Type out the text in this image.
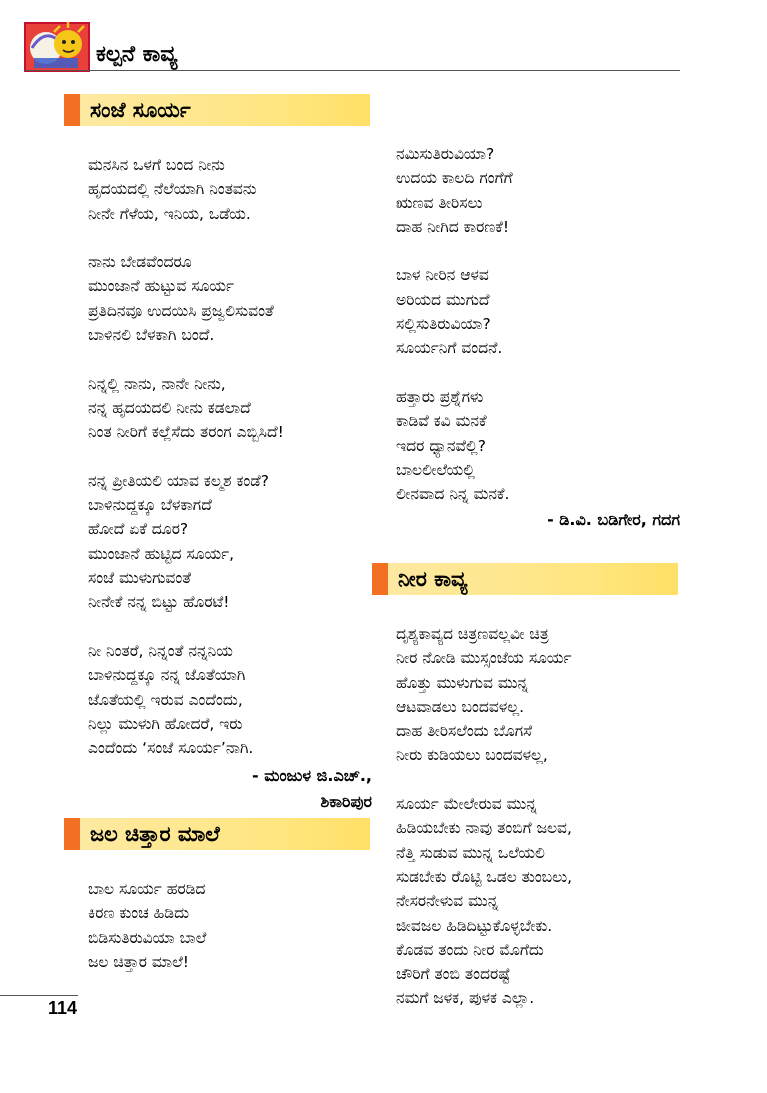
ಕಲ್ಪನೆ ಕಾವ್ಯ
ಸಂಜೆ ಸೂರ್ಯ
ಮನಸಿನ ಒಳಗೆ ಬಂದ ನೀನು
ಹೃದಯದಲ್ಲಿ ನೆಲೆಯಾಗಿ ನಿಂತವನು
ನೀನೇ ಗೆಳೆಯ, ಇನಿಯ, ಒಡೆಯ.
ನಾನು ಬೇಡವೆಂದರೂ
ಮುಂಜಾನೆ ಹುಟ್ಟುವ ಸೂರ್ಯ
ಪ್ರತಿದಿನವೂ ಉದಯಿಸಿ ಪ್ರಜ್ವಲಿಸುವಂತೆ
ಬಾಳಿನಲಿ ಬೆಳಕಾಗಿ ಬಂದೆ.
ನಿನ್ನಲ್ಲಿ ನಾನು, ನಾನೇ ನೀನು,
ನನ್ನ ಹೃದಯದಲಿ ನೀನು ಕಡಲಾದೆ
ನಿಂತ ನೀರಿಗೆ ಕಲ್ಲೆಸೆದು ತರಂಗ ಎಬ್ಬಿಸಿದೆ!
ನನ್ನ ಪ್ರೀತಿಯಲಿ ಯಾವ ಕಲ್ಮಶ ಕಂಡೆ?
ಬಾಳಿನುದ್ದಕ್ಕೂ ಬೆಳಕಾಗದೆ
ಹೋದೆ ಏಕೆ ದೂರ?
ಮುಂಜಾನೆ ಹುಟ್ಟಿದ ಸೂರ್ಯ,
ಸಂಜೆ ಮುಳುಗುವಂತೆ
ನೀನೇಕೆ ನನ್ನ ಬಿಟ್ಟು ಹೊರಟೆ!
ನೀ ನಿಂತರೆ, ನಿನ್ನಂತೆ ನನ್ನನಿಯ
ಬಾಳಿನುದ್ದಕ್ಕೂ ನನ್ನ ಜೊತೆಯಾಗಿ
ಜೊತೆಯಲ್ಲಿ ಇರುವ ಎಂದೆಂದು,
ನಿಲ್ಲು ಮುಳುಗಿ ಹೋದರೆ, ಇರು
ಎಂದೆಂದು ‘ಸಂಜೆ ಸೂರ್ಯ’ನಾಗಿ.
- ಮಂಜುಳ ಜಿ.ಎಚ್.,
ಶಿಕಾರಿಪುರ
ಜಲ ಚಿತ್ತಾರ ಮಾಲೆ
ಬಾಲ ಸೂರ್ಯ ಹರಡಿದ
ಕಿರಣ ಕುಂಚ ಹಿಡಿದು
ಬಿಡಿಸುತಿರುವಿಯಾ ಬಾಲೆ
ಜಲ ಚಿತ್ತಾರ ಮಾಲೆ!
ನಮಿಸುತಿರುವಿಯಾ?
ಉದಯ ಕಾಲದಿ ಗಂಗೆಗೆ
ಋಣವ ತೀರಿಸಲು
ದಾಹ ನೀಗಿದ ಕಾರಣಕೆ!
ಬಾಳ ನೀರಿನ ಆಳವ
ಅರಿಯದ ಮುಗುದೆ
ಸಲ್ಲಿಸುತಿರುವಿಯಾ?
ಸೂರ್ಯನಿಗೆ ವಂದನೆ.
ಹತ್ತಾರು ಪ್ರಶ್ನೆಗಳು
ಕಾಡಿವೆ ಕವಿ ಮನಕೆ
ಇದರ ಧ್ಯಾನವೆಲ್ಲಿ?
ಬಾಲಲೀಲೆಯಲ್ಲಿ
ಲೀನವಾದ ನಿನ್ನ ಮನಕೆ.
- ಡಿ.ವಿ. ಬಡಿಗೇರ, ಗದಗ
ನೀರ ಕಾವ್ಯ
ದೃಶ್ಯಕಾವ್ಯದ ಚಿತ್ರಣವಲ್ಲವೀ ಚಿತ್ರ
ನೀರ ನೋಡಿ ಮುಸ್ಸಂಜೆಯ ಸೂರ್ಯ
ಹೊತ್ತು ಮುಳುಗುವ ಮುನ್ನ
ಆಟವಾಡಲು ಬಂದವಳಲ್ಲ.
ದಾಹ ತೀರಿಸಲೆಂದು ಬೊಗಸೆ
ನೀರು ಕುಡಿಯಲು ಬಂದವಳಲ್ಲ,
ಸೂರ್ಯ ಮೇಲೇರುವ ಮುನ್ನ
ಹಿಡಿಯಬೇಕು ನಾವು ತಂಬಿಗೆ ಜಲವ,
ನೆತ್ತಿ ಸುಡುವ ಮುನ್ನ ಒಲೆಯಲಿ
ಸುಡಬೇಕು ರೊಟ್ಟಿ ಒಡಲ ತುಂಬಲು,
ನೇಸರನೇಳುವ ಮುನ್ನ
ಜೀವಜಲ ಹಿಡಿದಿಟ್ಟುಕೊಳ್ಳಬೇಕು.
ಕೊಡವ ತಂದು ನೀರ ಮೊಗೆದು
ಚೌರಿಗೆ ತಂಬಿ ತಂದರಷ್ಟೆ
ನಮಗೆ ಜಳಕ, ಪುಳಕ ಎಲ್ಲಾ.
114
